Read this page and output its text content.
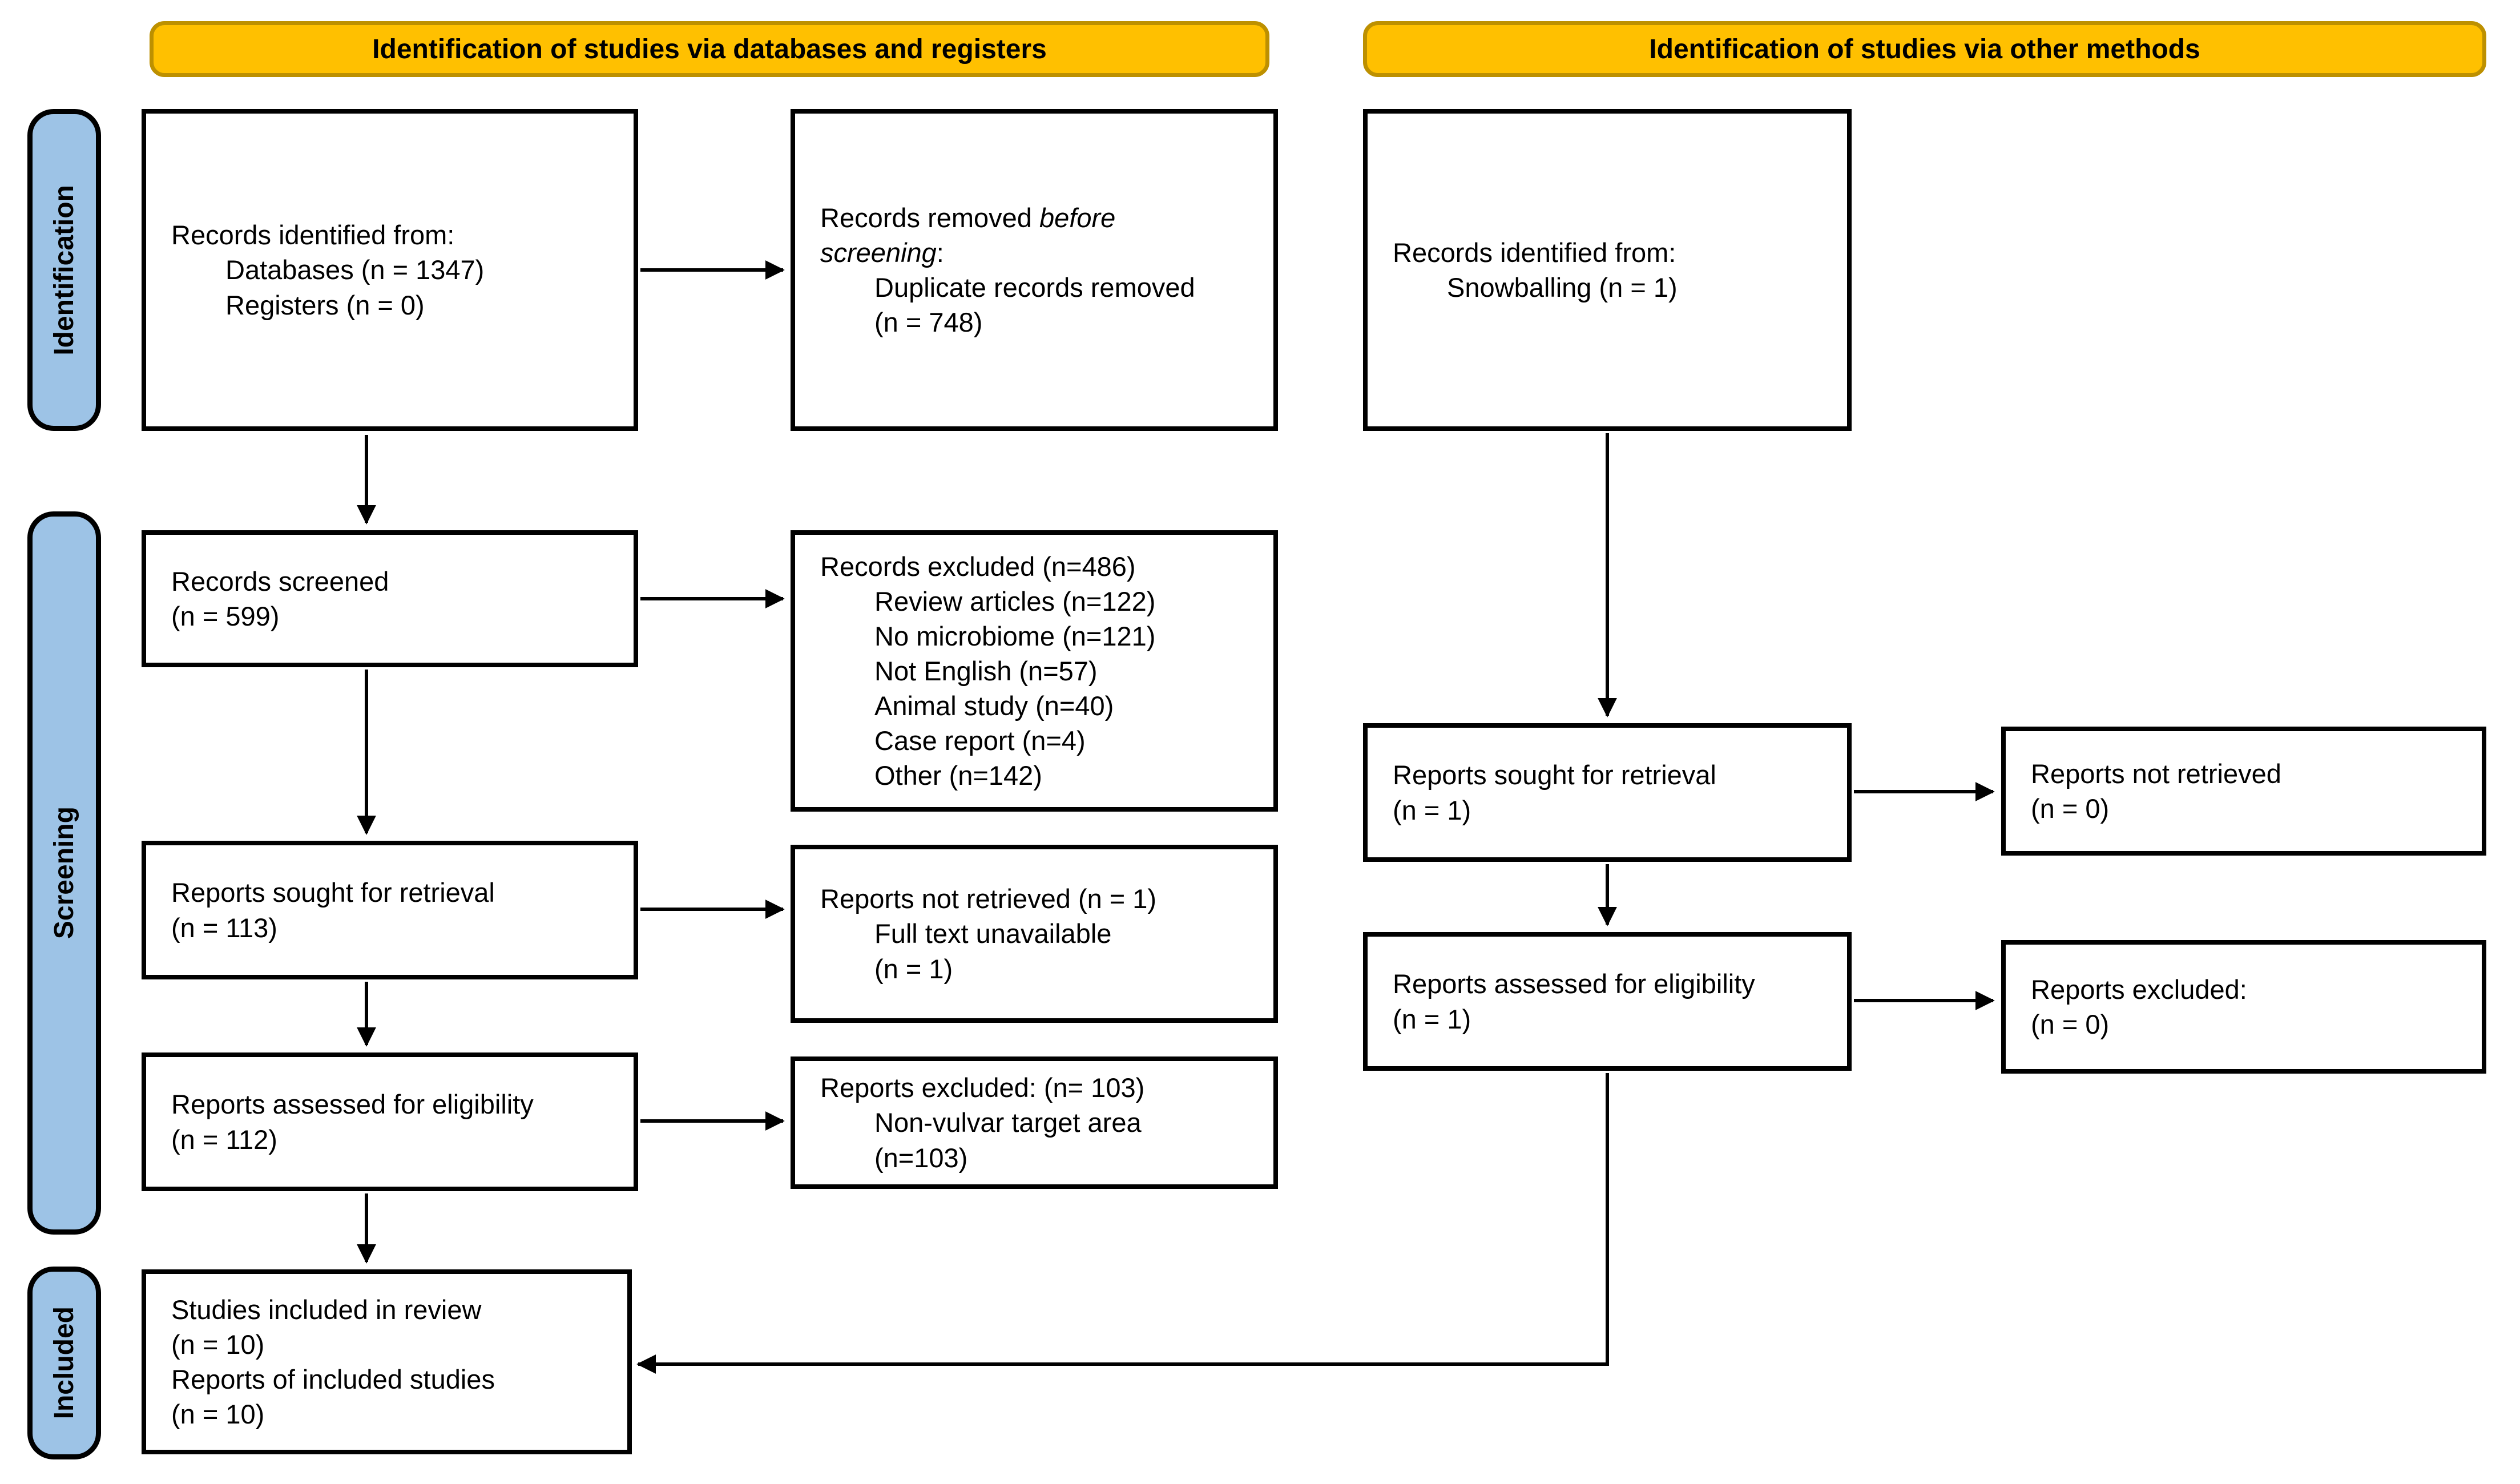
Identification of studies via databases and registers	Identification of studies via other methods
Identification
Screening
Included
Records identified from:
Databases (n = 1347)
Registers (n = 0)
Records removed before
screening:
Duplicate records removed
(n = 748)
Records screened
(n = 599)
Records excluded (n=486)
Review articles (n=122)
No microbiome (n=121)
Not English (n=57)
Animal study (n=40)
Case report (n=4)
Other (n=142)
Reports sought for retrieval
(n = 113)
Reports not retrieved (n = 1)
Full text unavailable
(n = 1)
Reports assessed for eligibility
(n = 112)
Reports excluded: (n= 103)
Non-vulvar target area
(n=103)
Studies included in review
(n = 10)
Reports of included studies
(n = 10)
Records identified from:
Snowballing (n = 1)
Reports sought for retrieval
(n = 1)
Reports not retrieved
(n = 0)
Reports assessed for eligibility
(n = 1)
Reports excluded:
(n = 0)
